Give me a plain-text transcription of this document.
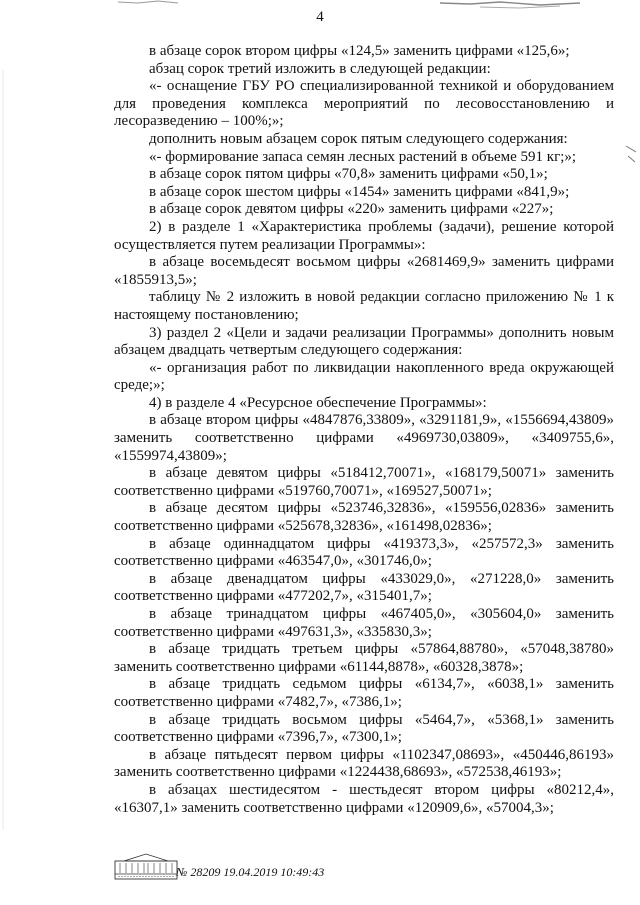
4

в абзаце сорок втором цифры «124,5» заменить цифрами «125,6»;

абзац сорок третий изложить в следующей редакции:

«- оснащение ГБУ РО специализированной техникой и оборудованием для проведения комплекса мероприятий по лесовосстановлению и лесоразведению – 100%;»;

дополнить новым абзацем сорок пятым следующего содержания:

«- формирование запаса семян лесных растений в объеме 591 кг;»;

в абзаце сорок пятом цифры «70,8» заменить цифрами «50,1»;

в абзаце сорок шестом цифры «1454» заменить цифрами «841,9»;

в абзаце сорок девятом цифры «220» заменить цифрами «227»;

2) в разделе 1 «Характеристика проблемы (задачи), решение которой осуществляется путем реализации Программы»:

в абзаце восемьдесят восьмом цифры «2681469,9» заменить цифрами «1855913,5»;

таблицу № 2 изложить в новой редакции согласно приложению № 1 к настоящему постановлению;

3) раздел 2 «Цели и задачи реализации Программы» дополнить новым абзацем двадцать четвертым следующего содержания:

«- организация работ по ликвидации накопленного вреда окружающей среде;»;

4) в разделе 4 «Ресурсное обеспечение Программы»:

в абзаце втором цифры «4847876,33809», «3291181,9», «1556694,43809» заменить соответственно цифрами «4969730,03809», «3409755,6», «1559974,43809»;

в абзаце девятом цифры «518412,70071», «168179,50071» заменить соответственно цифрами «519760,70071», «169527,50071»;

в абзаце десятом цифры «523746,32836», «159556,02836» заменить соответственно цифрами «525678,32836», «161498,02836»;

в абзаце одиннадцатом цифры «419373,3», «257572,3» заменить соответственно цифрами «463547,0», «301746,0»;

в абзаце двенадцатом цифры «433029,0», «271228,0» заменить соответственно цифрами «477202,7», «315401,7»;

в абзаце тринадцатом цифры «467405,0», «305604,0» заменить соответственно цифрами «497631,3», «335830,3»;

в абзаце тридцать третьем цифры «57864,88780», «57048,38780» заменить соответственно цифрами «61144,8878», «60328,3878»;

в абзаце тридцать седьмом цифры «6134,7», «6038,1» заменить соответственно цифрами «7482,7», «7386,1»;

в абзаце тридцать восьмом цифры «5464,7», «5368,1» заменить соответственно цифрами «7396,7», «7300,1»;

в абзаце пятьдесят первом цифры «1102347,08693», «450446,86193» заменить соответственно цифрами «1224438,68693», «572538,46193»;

в абзацах шестидесятом - шестьдесят втором цифры «80212,4», «16307,1» заменить соответственно цифрами «120909,6», «57004,3»;

№ 28209 19.04.2019 10:49:43
